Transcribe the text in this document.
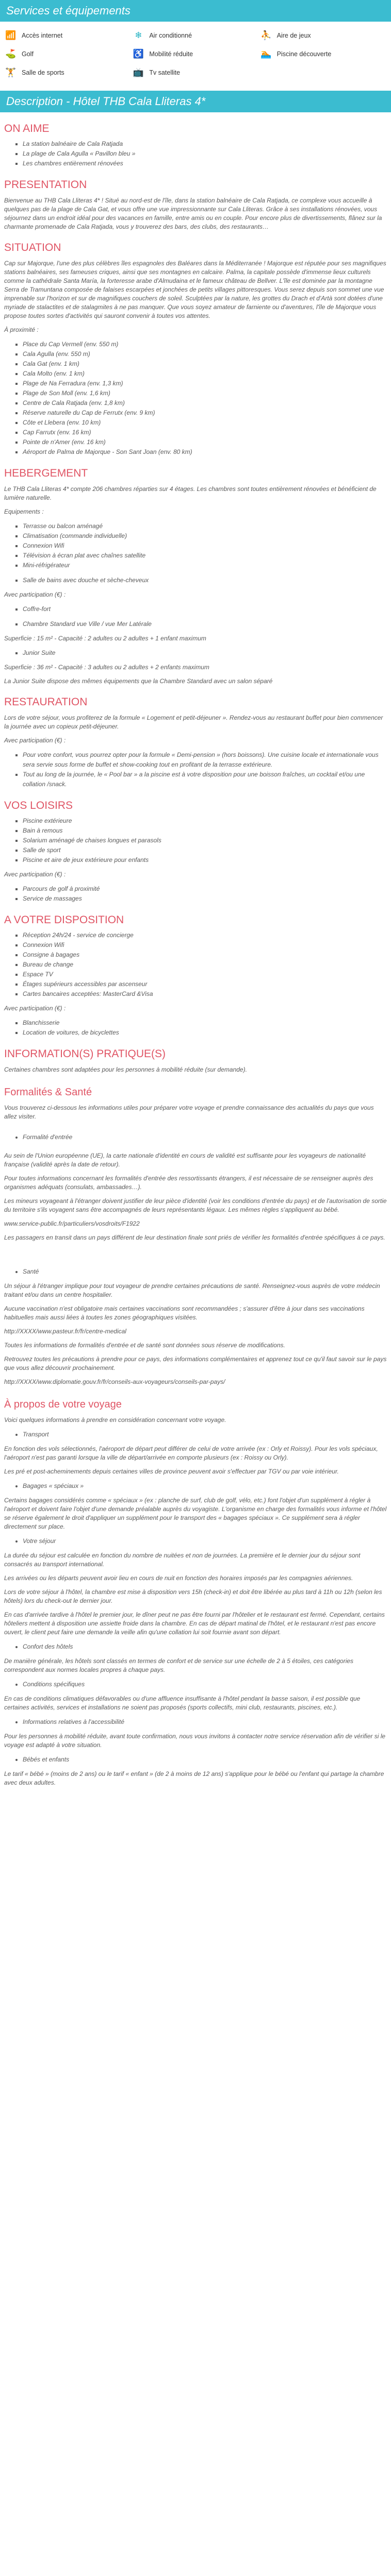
Services et équipements
📶 Accès internet	❄	Air conditionné	⛹ Aire de jeux
⛳ Golf	♿ Mobilité réduite	🏊 Piscine découverte
🏋 Salle de sports	📺 Tv satellite
Description - Hôtel THB Cala Lliteras 4*
ON AIME
▪ La station balnéaire de Cala Ratjada
▪ La plage de Cala Agulla « Pavillon bleu »
▪ Les chambres entièrement rénovées
PRESENTATION

Bienvenue au THB Cala Lliteras 4* ! Situé au nord-est de l'île, dans la station balnéaire de Cala Ratjada, ce complexe vous accueille à quelques pas de la plage de Cala Gat, et vous offre une vue impressionnante sur Cala Lliteras. Grâce à ses installations rénovées, vous séjournez dans un endroit idéal pour des vacances en famille, entre amis ou en couple. Pour encore plus de divertissements, flânez sur la charmante promenade de Cala Ratjada, vous y trouverez des bars, des clubs, des restaurants…

SITUATION

Cap sur Majorque, l'une des plus célèbres îles espagnoles des Baléares dans la Méditerranée ! Majorque est réputée pour ses magnifiques stations balnéaires, ses fameuses criques, ainsi que ses montagnes en calcaire. Palma, la capitale possède d'immense lieux culturels comme la cathédrale Santa María, la forteresse arabe d'Almudaina et le fameux château de Bellver. L'île est dominée par la montagne Serra de Tramuntana composée de falaises escarpées et jonchées de petits villages pittoresques. Vous serez depuis son sommet une vue imprenable sur l'horizon et sur de magnifiques couchers de soleil. Sculptées par la nature, les grottes du Drach et d'Artà sont dotées d'une myriade de stalactites et de stalagmites à ne pas manquer. Que vous soyez amateur de farniente ou d'aventures, l'île de Majorque vous propose toutes sortes d'activités qui sauront convenir à toutes vos attentes.

À proximité :

▪ Place du Cap Vermell (env. 550 m)
▪ Cala Agulla (env. 550 m)
▪ Cala Gat (env. 1 km)
▪ Cala Molto (env. 1 km)
▪ Plage de Na Ferradura (env. 1,3 km)
▪ Plage de Son Moll (env. 1,6 km)
▪ Centre de Cala Ratjada (env. 1,8 km)
▪ Réserve naturelle du Cap de Ferrutx (env. 9 km)
▪ Côte et Llebera (env. 10 km)
▪ Cap Farrutx (env. 16 km)
▪ Pointe de n'Amer (env. 16 km)
▪ Aéroport de Palma de Majorque - Son Sant Joan (env. 80 km)
HEBERGEMENT

Le THB Cala Lliteras 4* compte 206 chambres réparties sur 4 étages. Les chambres sont toutes entièrement rénovées et bénéficient de lumière naturelle.

Equipements :

▪ Terrasse ou balcon aménagé
▪ Climatisation (commande individuelle)
▪ Connexion Wifi
▪ Télévision à écran plat avec chaînes satellite
▪ Mini-réfrigérateur
▪ Salle de bains avec douche et sèche-cheveux

Avec participation (€) :

▪ Coffre-fort
▪ Chambre Standard vue Ville / vue Mer Latérale

Superficie : 15 m² - Capacité : 2 adultes ou 2 adultes + 1 enfant maximum

▪ Junior Suite

Superficie : 36 m² - Capacité : 3 adultes ou 2 adultes + 2 enfants maximum

La Junior Suite dispose des mêmes équipements que la Chambre Standard avec un salon séparé

RESTAURATION

Lors de votre séjour, vous profiterez de la formule « Logement et petit-déjeuner ». Rendez-vous au restaurant buffet pour bien commencer la journée avec un copieux petit-déjeuner.

Avec participation (€) :

▪ Pour votre confort, vous pourrez opter pour la formule « Demi-pension » (hors boissons). Une cuisine locale et internationale vous sera servie sous forme de buffet et show-cooking tout en profitant de la terrasse extérieure.
▪ Tout au long de la journée, le « Pool bar » a la piscine est à votre disposition pour une boisson fraîches, un cocktail et/ou une collation /snack.
VOS LOISIRS
▪ Piscine extérieure
▪ Bain à remous
▪ Solarium aménagé de chaises longues et parasols
▪ Salle de sport
▪ Piscine et aire de jeux extérieure pour enfants

Avec participation (€) :

▪ Parcours de golf à proximité
▪ Service de massages
A VOTRE DISPOSITION
▪ Réception 24h/24 - service de concierge
▪ Connexion Wifi
▪ Consigne à bagages
▪ Bureau de change
▪ Espace TV
▪ Étages supérieurs accessibles par ascenseur
▪ Cartes bancaires acceptées: MasterCard &Visa

Avec participation (€) :

▪ Blanchisserie
▪ Location de voitures, de bicyclettes
INFORMATION(S) PRATIQUE(S)

Certaines chambres sont adaptées pour les personnes à mobilité réduite (sur demande).

Formalités & Santé

Vous trouverez ci-dessous les informations utiles pour préparer votre voyage et prendre connaissance des actualités du pays que vous allez visiter.

• Formalité d'entrée

Au sein de l'Union européenne (UE), la carte nationale d'identité en cours de validité est suffisante pour les voyageurs de nationalité française (validité après la date de retour).

Pour toutes informations concernant les formalités d'entrée des ressortissants étrangers, il est nécessaire de se renseigner auprès des organismes adéquats (consulats, ambassades…).

Les mineurs voyageant à l'étranger doivent justifier de leur pièce d'identité (voir les conditions d'entrée du pays) et de l'autorisation de sortie du territoire s'ils voyagent sans être accompagnés de leurs représentants légaux. Les mêmes règles s'appliquent au bébé.

www.service-public.fr/particuliers/vosdroits/F1922

Les passagers en transit dans un pays différent de leur destination finale sont priés de vérifier les formalités d'entrée spécifiques à ce pays.

• Santé

Un séjour à l'étranger implique pour tout voyageur de prendre certaines précautions de santé. Renseignez-vous auprès de votre médecin traitant et/ou dans un centre hospitalier.

Aucune vaccination n'est obligatoire mais certaines vaccinations sont recommandées ; s'assurer d'être à jour dans ses vaccinations habituelles mais aussi liées à toutes les zones géographiques visitées.

http://XXXX/www.pasteur.fr/fr/centre-medical

Toutes les informations de formalités d'entrée et de santé sont données sous réserve de modifications.

Retrouvez toutes les précautions à prendre pour ce pays, des informations complémentaires et apprenez tout ce qu'il faut savoir sur le pays que vous allez découvrir prochainement.

http://XXXX/www.diplomatie.gouv.fr/fr/conseils-aux-voyageurs/conseils-par-pays/

À propos de votre voyage

Voici quelques informations à prendre en considération concernant votre voyage.

• Transport

En fonction des vols sélectionnés, l'aéroport de départ peut différer de celui de votre arrivée (ex : Orly et Roissy). Pour les vols spéciaux, l'aéroport n'est pas garanti lorsque la ville de départ/arrivée en comporte plusieurs (ex : Roissy ou Orly).

Les pré et post-acheminements depuis certaines villes de province peuvent avoir s'effectuer par TGV ou par voie intérieur.

• Bagages « spéciaux »

Certains bagages considérés comme « spéciaux » (ex : planche de surf, club de golf, vélo, etc.) font l'objet d'un supplément à régler à l'aéroport et doivent faire l'objet d'une demande préalable auprès du voyagiste. L'organisme en charge des formalités vous informe et l'hôtel se réserve également le droit d'appliquer un supplément pour le transport des « bagages spéciaux ». Ce supplément sera à régler directement sur place.

• Votre séjour

La durée du séjour est calculée en fonction du nombre de nuitées et non de journées. La première et le dernier jour du séjour sont consacrés au transport international.

Les arrivées ou les départs peuvent avoir lieu en cours de nuit en fonction des horaires imposés par les compagnies aériennes.

Lors de votre séjour à l'hôtel, la chambre est mise à disposition vers 15h (check-in) et doit être libérée au plus tard à 11h ou 12h (selon les hôtels) lors du check-out le dernier jour.

En cas d'arrivée tardive à l'hôtel le premier jour, le dîner peut ne pas être fourni par l'hôtelier et le restaurant est fermé. Cependant, certains hôteliers mettent à disposition une assiette froide dans la chambre. En cas de départ matinal de l'hôtel, et le restaurant n'est pas encore ouvert, le client peut faire une demande la veille afin qu'une collation lui soit fournie avant son départ.

• Confort des hôtels

De manière générale, les hôtels sont classés en termes de confort et de service sur une échelle de 2 à 5 étoiles, ces catégories correspondent aux normes locales propres à chaque pays.

• Conditions spécifiques

En cas de conditions climatiques défavorables ou d'une affluence insuffisante à l'hôtel pendant la basse saison, il est possible que certaines activités, services et installations ne soient pas proposés (sports collectifs, mini club, restaurants, piscines, etc.).

• Informations relatives à l'accessibilité

Pour les personnes à mobilité réduite, avant toute confirmation, nous vous invitons à contacter notre service réservation afin de vérifier si le voyage est adapté à votre situation.

• Bébés et enfants

Le tarif « bébé » (moins de 2 ans) ou le tarif « enfant » (de 2 à moins de 12 ans) s'applique pour le bébé ou l'enfant qui partage la chambre avec deux adultes.
